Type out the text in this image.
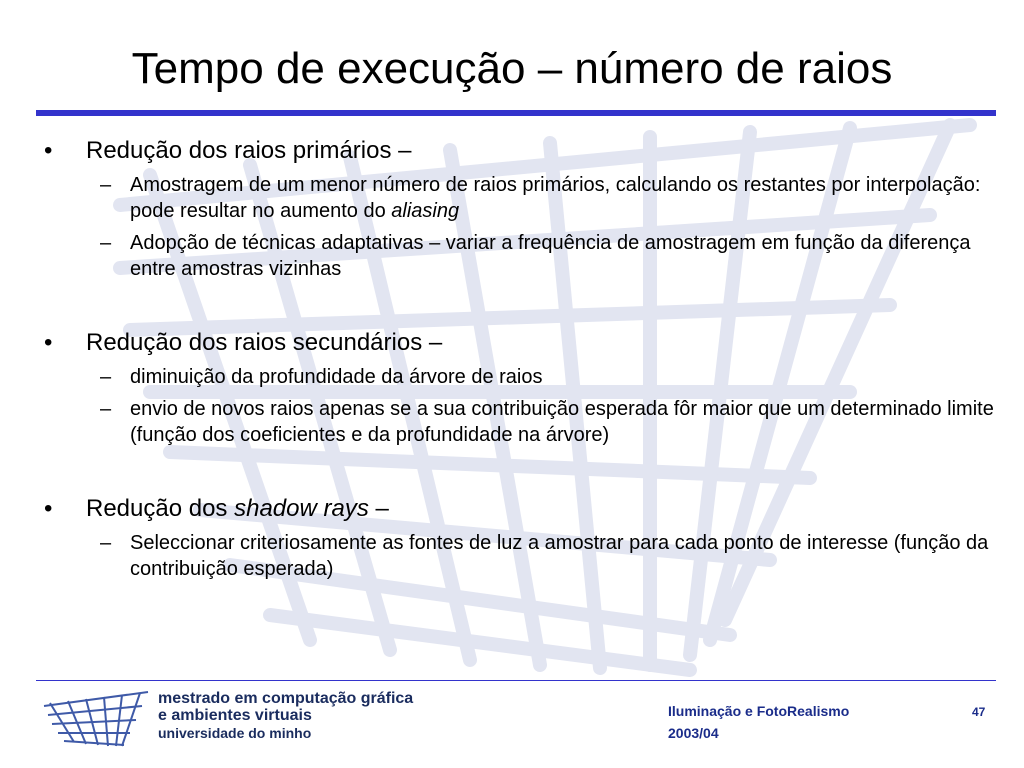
Tempo de execução – número de raios
• Redução dos raios primários –
– Amostragem de um menor número de raios primários, calculando os restantes por interpolação: pode resultar no aumento do aliasing
– Adopção de técnicas adaptativas – variar a frequência de amostragem em função da diferença entre amostras vizinhas
• Redução dos raios secundários –
– diminuição da profundidade da árvore de raios
– envio de novos raios apenas se a sua contribuição esperada fôr maior que um determinado limite (função dos coeficientes e da profundidade na árvore)
• Redução dos shadow rays –
– Seleccionar criteriosamente as fontes de luz a amostrar para cada ponto de interesse (função da contribuição esperada)
mestrado em computação gráfica
e ambientes virtuais
universidade do minho
Iluminação e FotoRealismo
2003/04
47
